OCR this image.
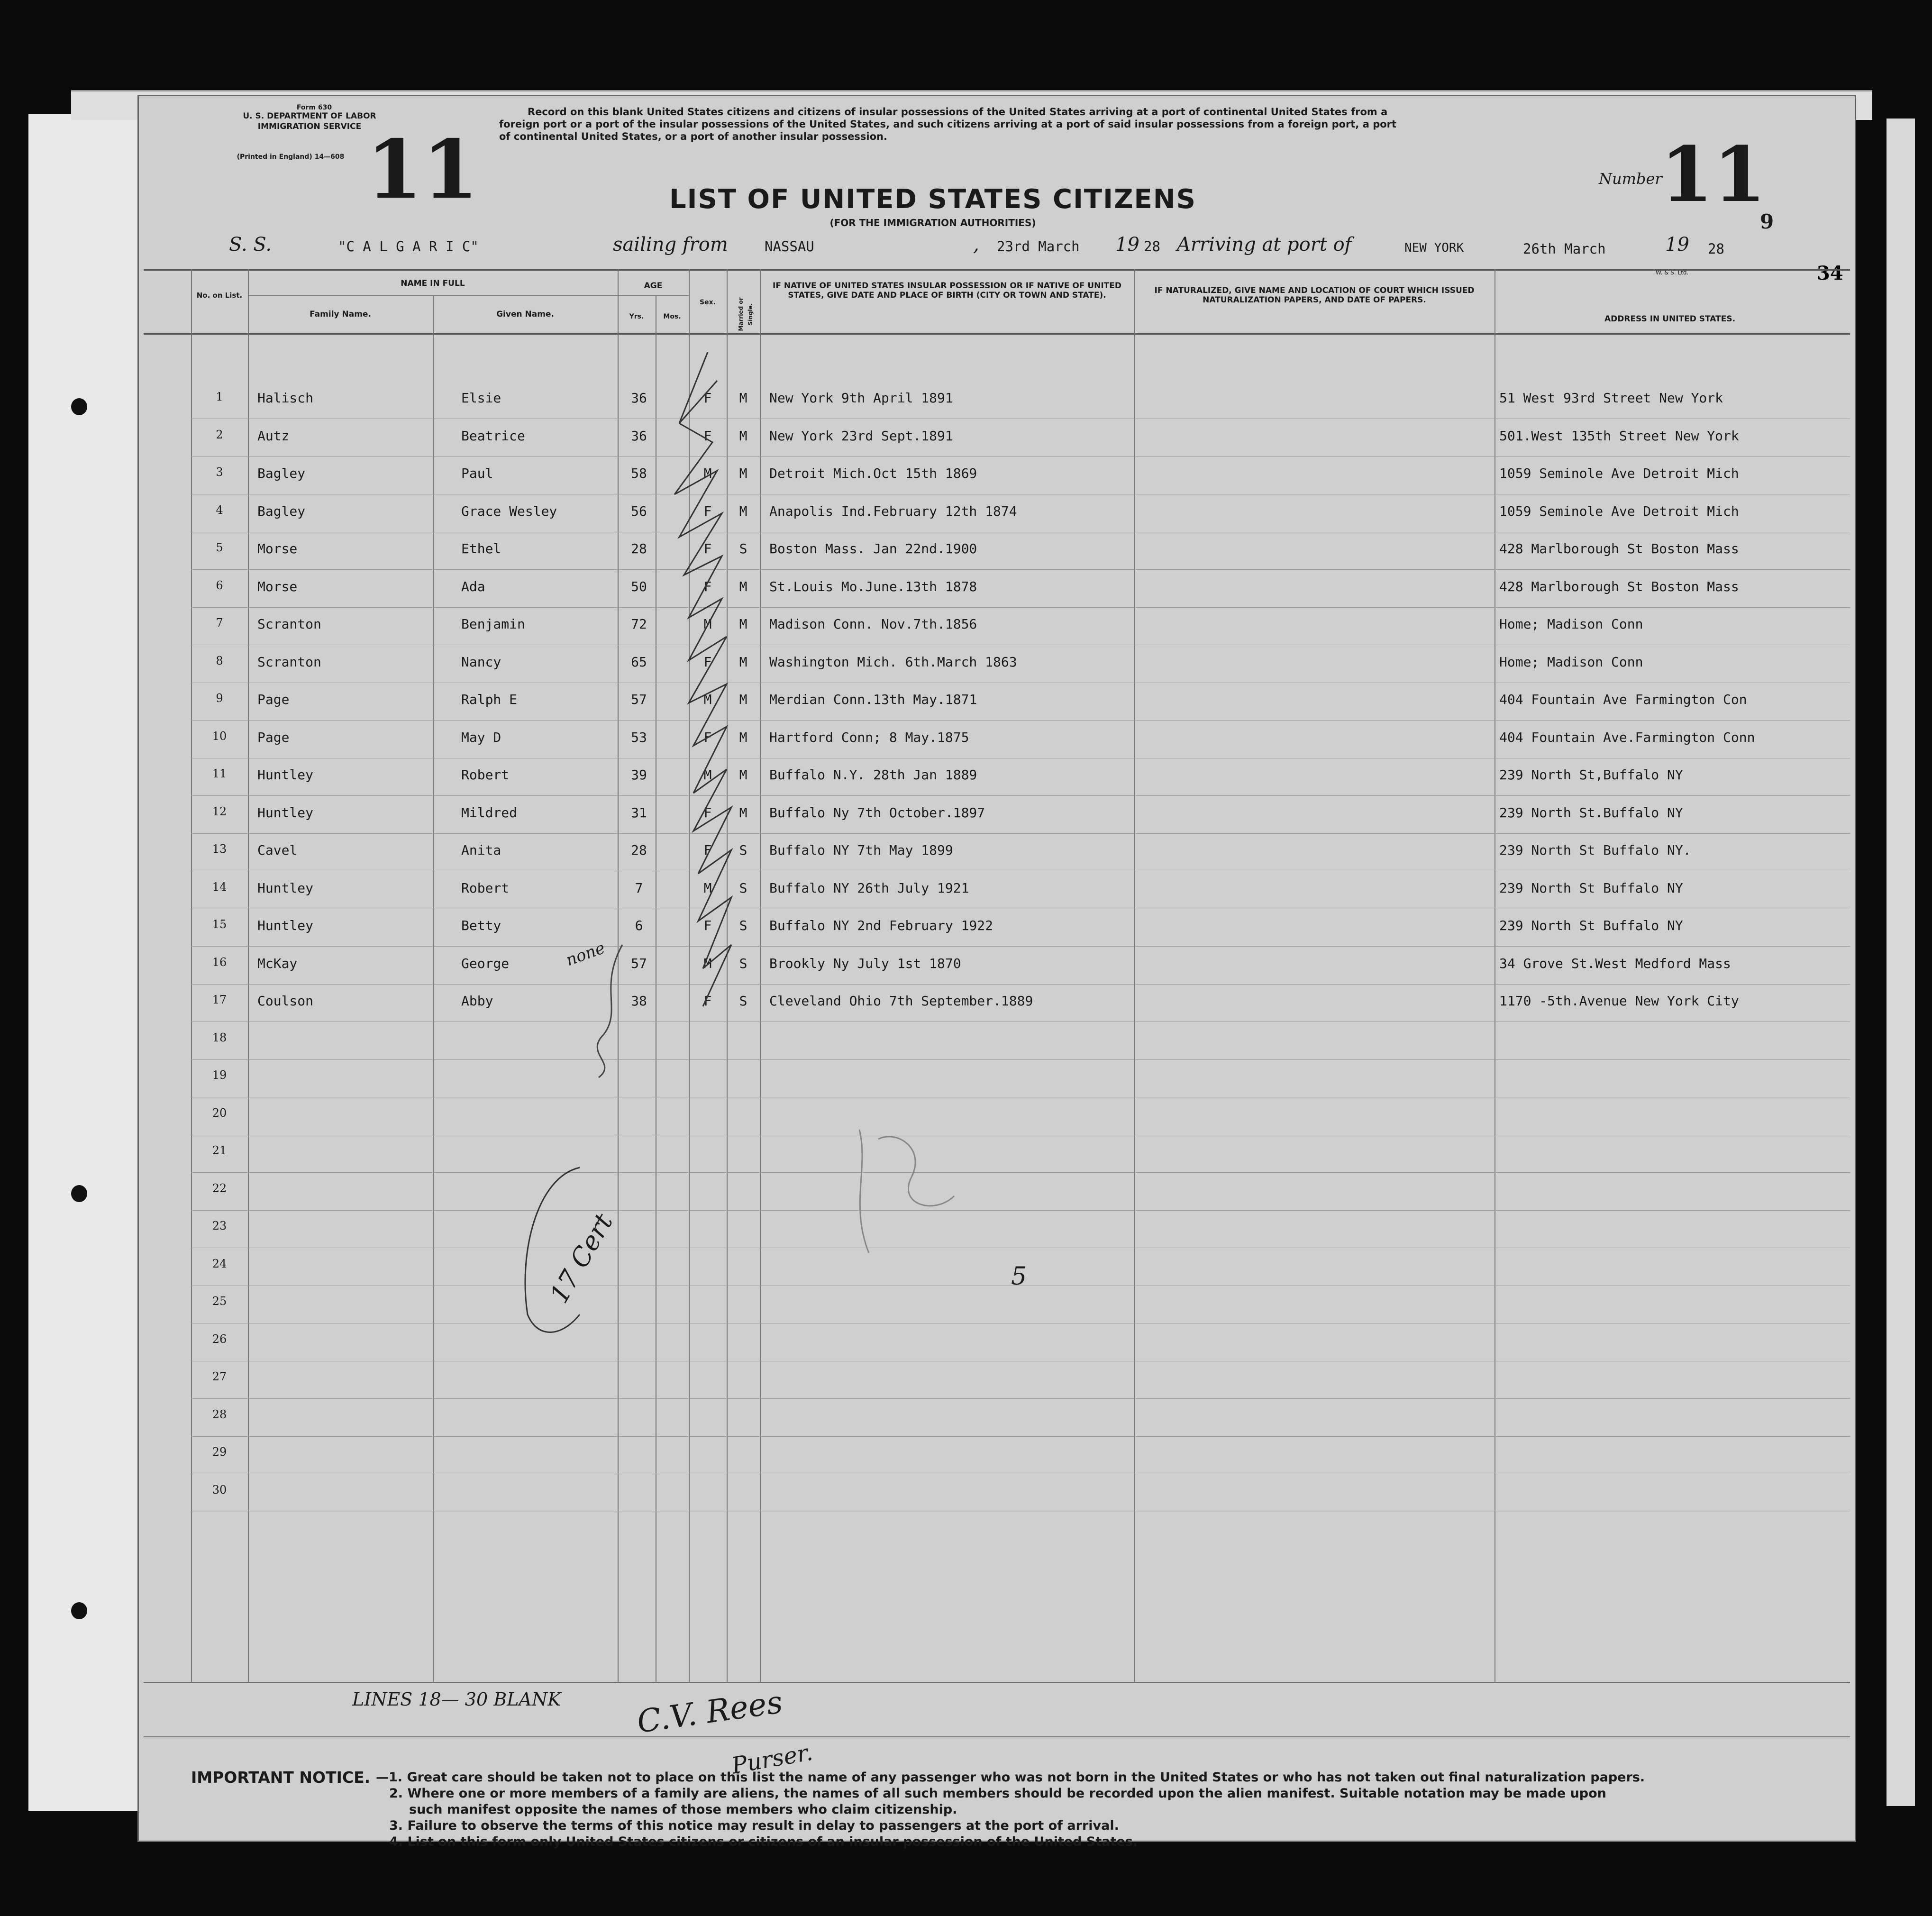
Form 630
U. S. DEPARTMENT OF LABOR
IMMIGRATION SERVICE
(Printed in England) 14—608 11
Record on this blank United States citizens and citizens of insular possessions of the United States arriving at a port of continental United States from a
foreign port or a port of the insular possessions of the United States, and such citizens arriving at a port of said insular possessions from a foreign port, a port
of continental United States, or a port of another insular possession.
LIST OF UNITED STATES CITIZENS
(FOR THE IMMIGRATION AUTHORITIES)
Number
11
9
34
S. S.	"C A L G A R I C"	sailing from	NASSAU	, 23rd March 19 28 Arriving at port of	NEW YORK	26th March	19 28
W. & S. Ltd.
No. on List.
NAME IN FULL
Family Name.	Given Name.
AGE
Yrs.	Mos.
Sex.	Married or Single.
IF NATIVE OF UNITED STATES INSULAR POSSESSION OR IF NATIVE OF UNITED STATES, GIVE DATE AND PLACE OF BIRTH (CITY OR TOWN AND STATE).	IF NATURALIZED, GIVE NAME AND LOCATION OF COURT WHICH ISSUED NATURALIZATION PAPERS, AND DATE OF PAPERS.
ADDRESS IN UNITED STATES.
1	Halisch	Elsie	36	F	M	New York 9th April 1891	51 West 93rd Street New York
2	Autz	Beatrice	36	F	M	New York 23rd Sept.1891	501.West 135th Street New York
3	Bagley	Paul	58	M	M	Detroit Mich.Oct 15th 1869	1059 Seminole Ave Detroit Mich
4	Bagley	Grace Wesley	56	F	M	Anapolis Ind.February 12th 1874	1059 Seminole Ave Detroit Mich
5	Morse	Ethel	28	F	S	Boston Mass. Jan 22nd.1900	428 Marlborough St Boston Mass
6	Morse	Ada	50	F	M	St.Louis Mo.June.13th 1878	428 Marlborough St Boston Mass
7	Scranton	Benjamin	72	M	M	Madison Conn. Nov.7th.1856	Home; Madison Conn
8	Scranton	Nancy	65	F	M	Washington Mich. 6th.March 1863	Home; Madison Conn
9	Page	Ralph E	57	M	M	Merdian Conn.13th May.1871	404 Fountain Ave Farmington Con
10	Page	May D	53	F	M	Hartford Conn; 8 May.1875	404 Fountain Ave.Farmington Conn
11	Huntley	Robert	39	M	M	Buffalo N.Y. 28th Jan 1889	239 North St,Buffalo NY
12	Huntley	Mildred	31	F	M	Buffalo Ny 7th October.1897	239 North St.Buffalo NY
13	Cavel	Anita	28	F	S	Buffalo NY 7th May 1899	239 North St Buffalo NY.
14	Huntley	Robert	7	M	S	Buffalo NY 26th July 1921	239 North St Buffalo NY
15	Huntley	Betty	6	F	S	Buffalo NY 2nd February 1922	239 North St Buffalo NY
16	McKay	George	57	M	S	Brookly Ny July 1st 1870	34 Grove St.West Medford Mass
17	Coulson	Abby	38	F	S	Cleveland Ohio 7th September.1889	1170 -5th.Avenue New York City
18
19
20
21
22
23
24
25
26
27
28
29
30
none
17 Cert	5
LINES 18— 30 BLANK C.V. Rees
Purser.
IMPORTANT NOTICE. —1. Great care should be taken not to place on this list the name of any passenger who was not born in the United States or who has not taken out final naturalization papers.
2. Where one or more members of a family are aliens, the names of all such members should be recorded upon the alien manifest. Suitable notation may be made upon
such manifest opposite the names of those members who claim citizenship.
3. Failure to observe the terms of this notice may result in delay to passengers at the port of arrival.
4. List on this form only United States citizens or citizens of an insular possession of the United States.
